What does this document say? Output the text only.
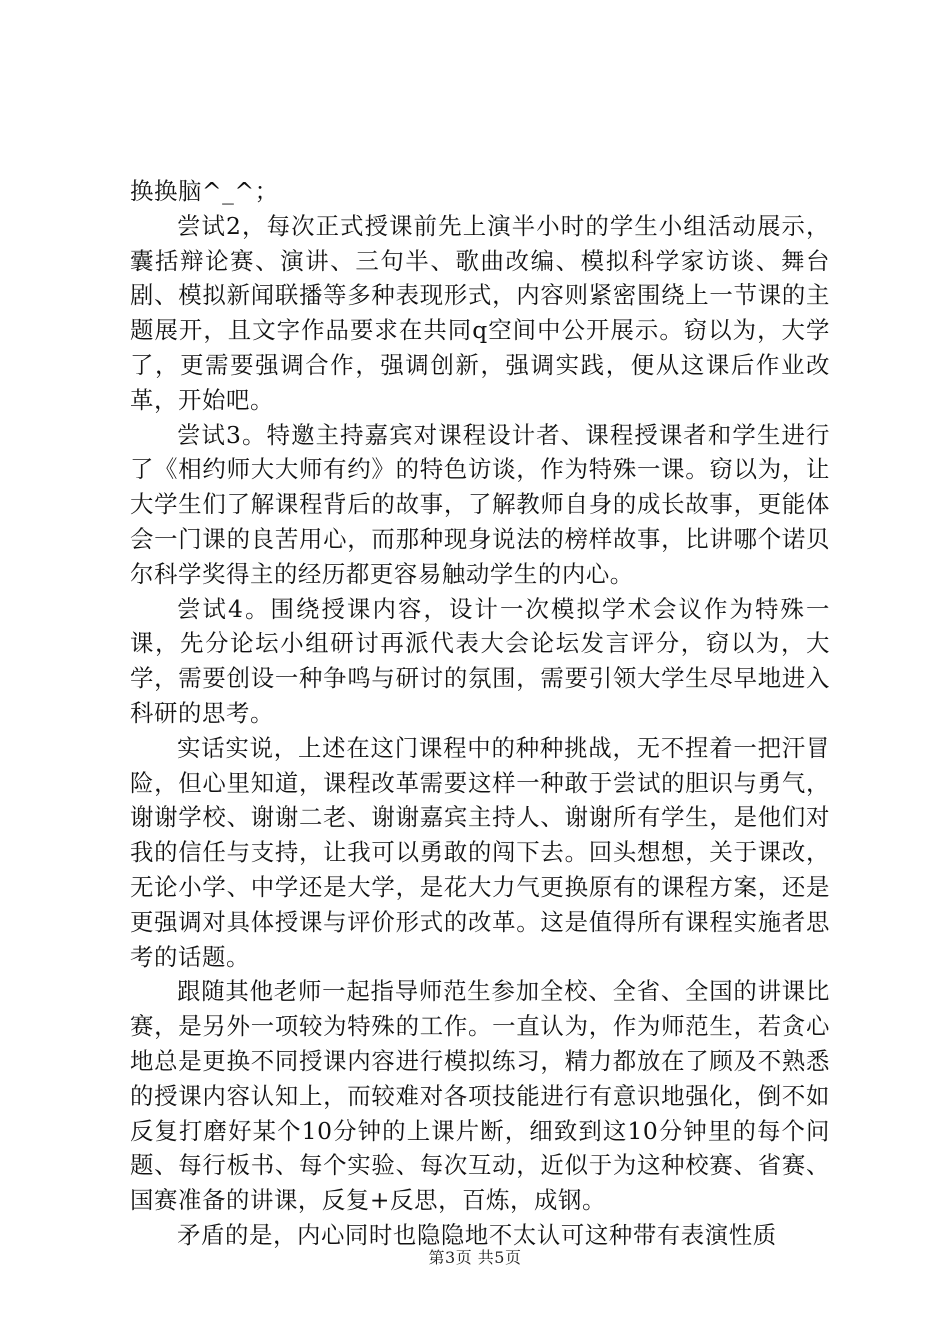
换换脑^_^；

尝试2，每次正式授课前先上演半小时的学生小组活动展示，囊括辩论赛、演讲、三句半、歌曲改编、模拟科学家访谈、舞台剧、模拟新闻联播等多种表现形式，内容则紧密围绕上一节课的主题展开，且文字作品要求在共同q空间中公开展示。窃以为，大学了，更需要强调合作，强调创新，强调实践，便从这课后作业改革，开始吧。

尝试3。特邀主持嘉宾对课程设计者、课程授课者和学生进行了《相约师大大师有约》的特色访谈，作为特殊一课。窃以为，让大学生们了解课程背后的故事，了解教师自身的成长故事，更能体会一门课的良苦用心，而那种现身说法的榜样故事，比讲哪个诺贝尔科学奖得主的经历都更容易触动学生的内心。

尝试4。围绕授课内容，设计一次模拟学术会议作为特殊一课，先分论坛小组研讨再派代表大会论坛发言评分，窃以为，大学，需要创设一种争鸣与研讨的氛围，需要引领大学生尽早地进入科研的思考。

实话实说，上述在这门课程中的种种挑战，无不捏着一把汗冒险，但心里知道，课程改革需要这样一种敢于尝试的胆识与勇气，谢谢学校、谢谢二老、谢谢嘉宾主持人、谢谢所有学生，是他们对我的信任与支持，让我可以勇敢的闯下去。回头想想，关于课改，无论小学、中学还是大学，是花大力气更换原有的课程方案，还是更强调对具体授课与评价形式的改革。这是值得所有课程实施者思考的话题。

跟随其他老师一起指导师范生参加全校、全省、全国的讲课比赛，是另外一项较为特殊的工作。一直认为，作为师范生，若贪心地总是更换不同授课内容进行模拟练习，精力都放在了顾及不熟悉的授课内容认知上，而较难对各项技能进行有意识地强化，倒不如反复打磨好某个10分钟的上课片断，细致到这10分钟里的每个问题、每行板书、每个实验、每次互动，近似于为这种校赛、省赛、国赛准备的讲课，反复+反思，百炼，成钢。

矛盾的是，内心同时也隐隐地不太认可这种带有表演性质

第3页 共5页
